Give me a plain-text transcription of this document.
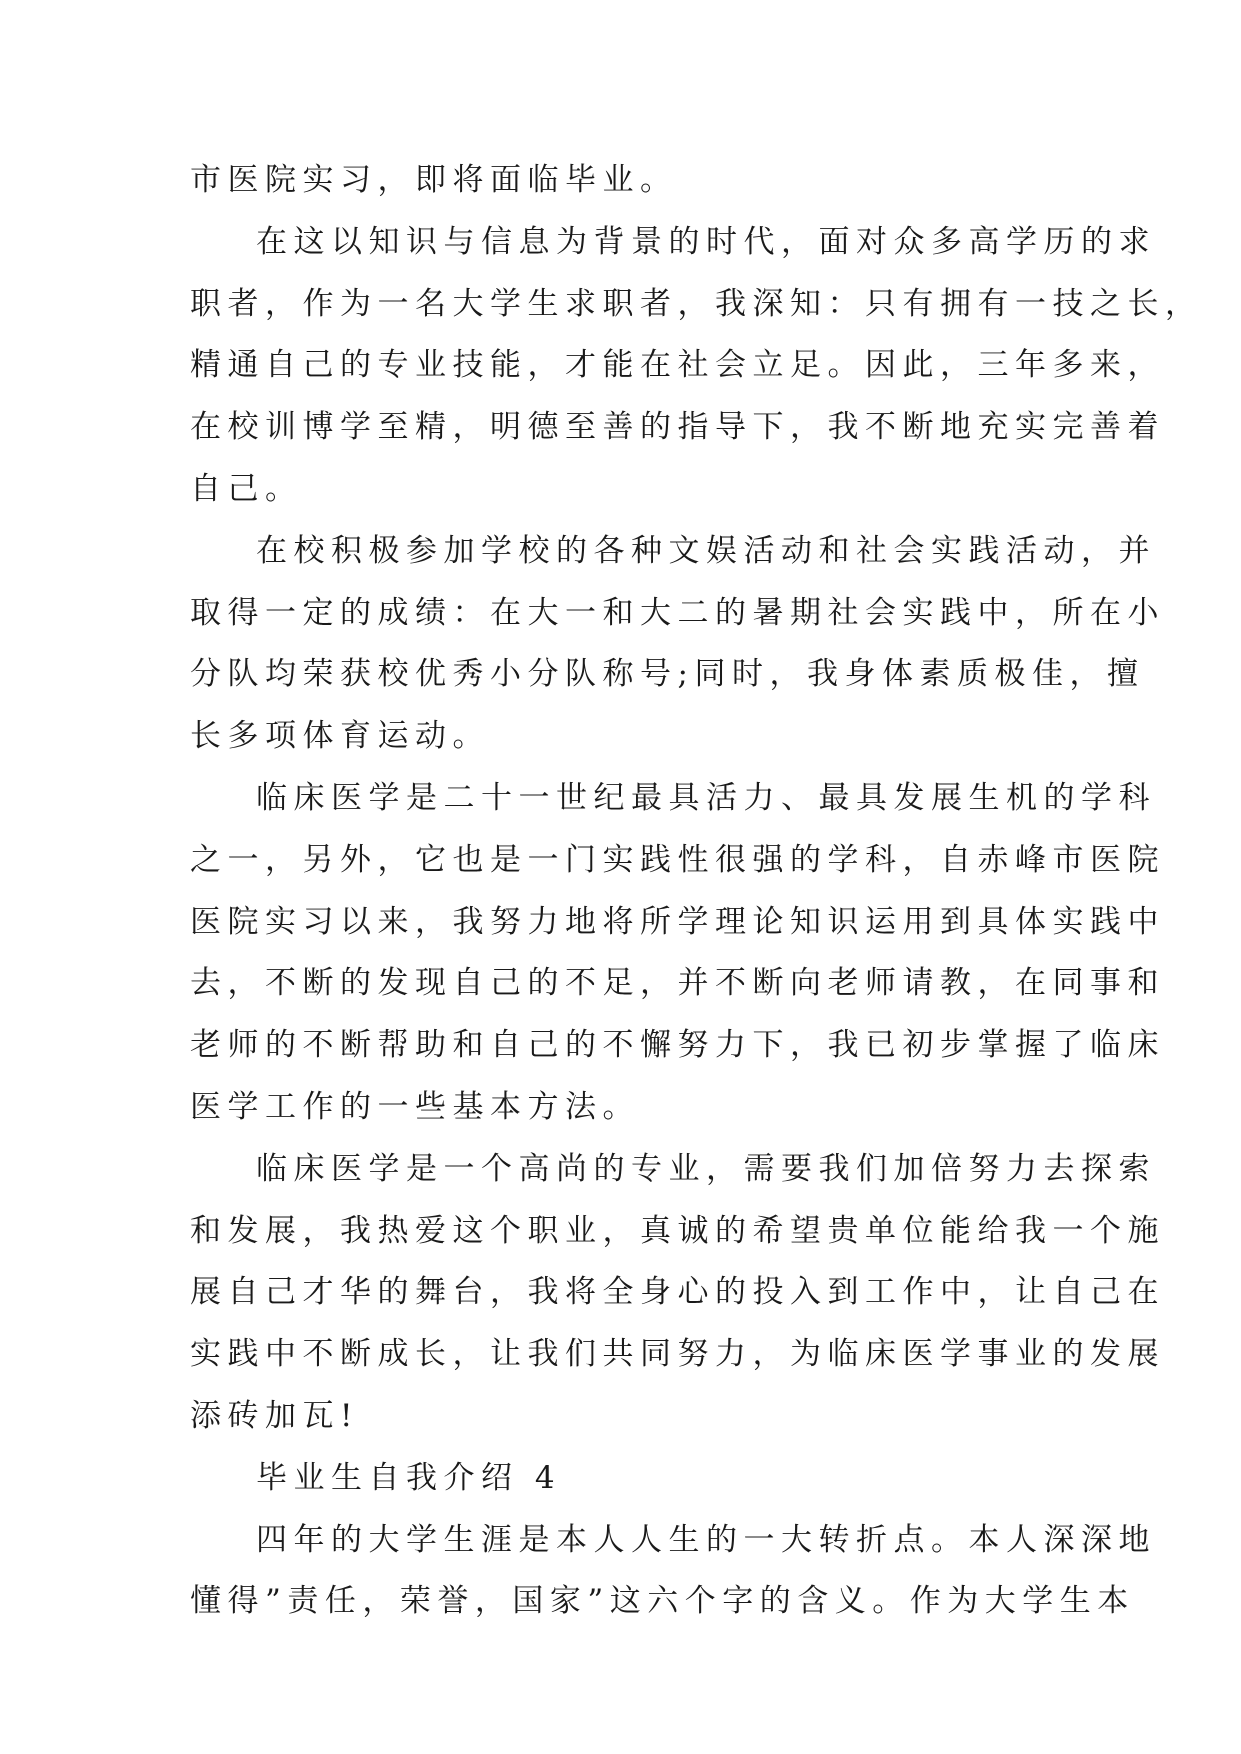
市医院实习，即将面临毕业。
在这以知识与信息为背景的时代，面对众多高学历的求
职者，作为一名大学生求职者，我深知：只有拥有一技之长，
精通自己的专业技能，才能在社会立足。因此，三年多来，
在校训博学至精，明德至善的指导下，我不断地充实完善着
自己。
在校积极参加学校的各种文娱活动和社会实践活动，并
取得一定的成绩：在大一和大二的暑期社会实践中，所在小
分队均荣获校优秀小分队称号;同时，我身体素质极佳，擅
长多项体育运动。
临床医学是二十一世纪最具活力、最具发展生机的学科
之一，另外，它也是一门实践性很强的学科，自赤峰市医院
医院实习以来，我努力地将所学理论知识运用到具体实践中
去，不断的发现自己的不足，并不断向老师请教，在同事和
老师的不断帮助和自己的不懈努力下，我已初步掌握了临床
医学工作的一些基本方法。
临床医学是一个高尚的专业，需要我们加倍努力去探索
和发展，我热爱这个职业，真诚的希望贵单位能给我一个施
展自己才华的舞台，我将全身心的投入到工作中，让自己在
实践中不断成长，让我们共同努力，为临床医学事业的发展
添砖加瓦!
毕业生自我介绍 4
四年的大学生涯是本人人生的一大转折点。本人深深地
懂得”责任，荣誉，国家”这六个字的含义。作为大学生本
